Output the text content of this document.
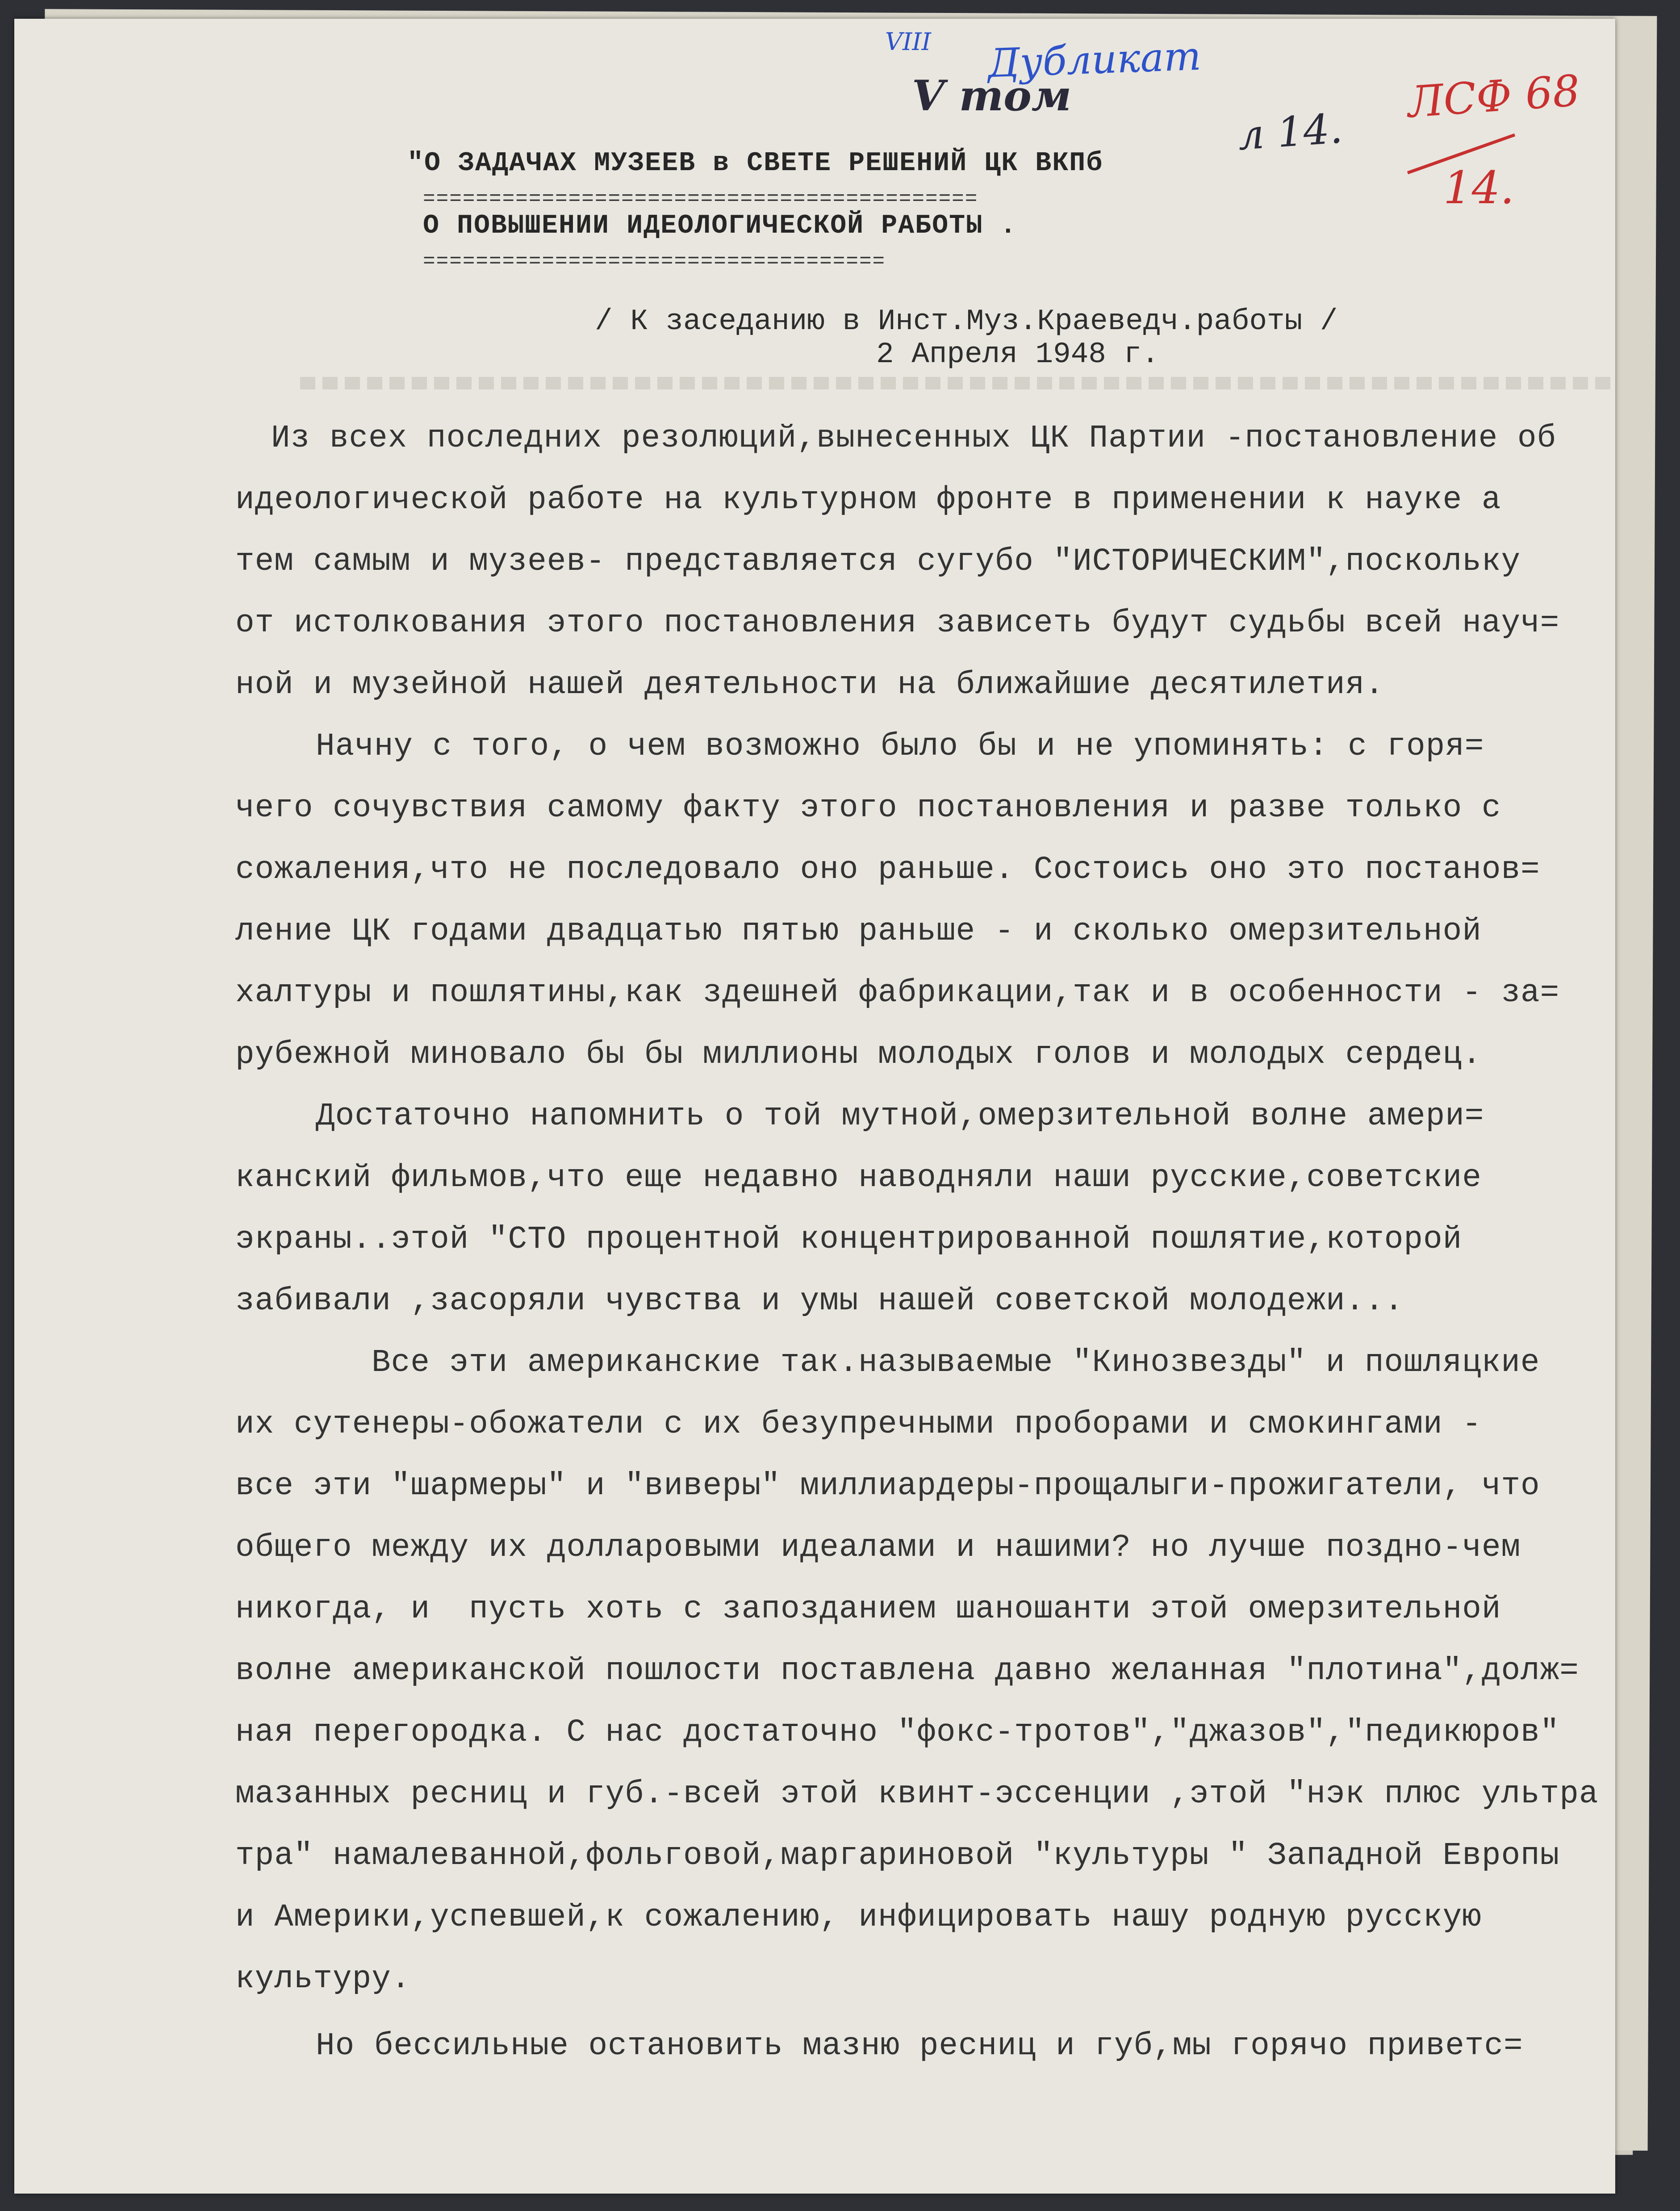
VIII Дубликат
V том
л 14.
ЛСФ 68
14.
"О ЗАДАЧАХ МУЗЕЕВ в СВЕТЕ РЕШЕНИЙ ЦК ВКПб
==========================================
О ПОВЫШЕНИИ ИДЕОЛОГИЧЕСКОЙ РАБОТЫ .
===================================
/ К заседанию в Инст.Муз.Краеведч.работы /
2 Апреля 1948 г.
Из всех последних резолюций,вынесенных ЦК Партии -постановление об
идеологической работе на культурном фронте в применении к науке а
тем самым и музеев- представляется сугубо "ИСТОРИЧЕСКИМ",поскольку
от истолкования этого постановления зависеть будут судьбы всей науч=
ной и музейной нашей деятельности на ближайшие десятилетия.
Начну с того, о чем возможно было бы и не упоминять: с горя=
чего сочувствия самому факту этого постановления и разве только с
сожаления,что не последовало оно раньше. Состоись оно это постанов=
ление ЦК годами двадцатью пятью раньше - и сколько омерзительной
халтуры и пошлятины,как здешней фабрикации,так и в особенности - за=
рубежной миновало бы бы миллионы молодых голов и молодых сердец.
Достаточно напомнить о той мутной,омерзительной волне амери=
канский фильмов,что еще недавно наводняли наши русские,советские
экраны..этой "СТО процентной концентрированной пошлятие,которой
забивали ,засоряли чувства и умы нашей советской молодежи...
Все эти американские так.называемые "Кинозвезды" и пошляцкие
их сутенеры-обожатели с их безупречными проборами и смокингами -
все эти "шармеры" и "виверы" миллиардеры-прощалыги-прожигатели, что
общего между их долларовыми идеалами и нашими? но лучше поздно-чем
никогда, и  пусть хоть с запозданием шаношанти этой омерзительной
волне американской пошлости поставлена давно желанная "плотина",долж=
ная перегородка. С нас достаточно "фокс-тротов","джазов","педикюров"
мазанных ресниц и губ.-всей этой квинт-эссенции ,этой "нэк плюс ультра
тра" намалеванной,фольговой,маргариновой "культуры " Западной Европы
и Америки,успевшей,к сожалению, инфицировать нашу родную русскую
культуру.
Но бессильные остановить мазню ресниц и губ,мы горячо приветс=
